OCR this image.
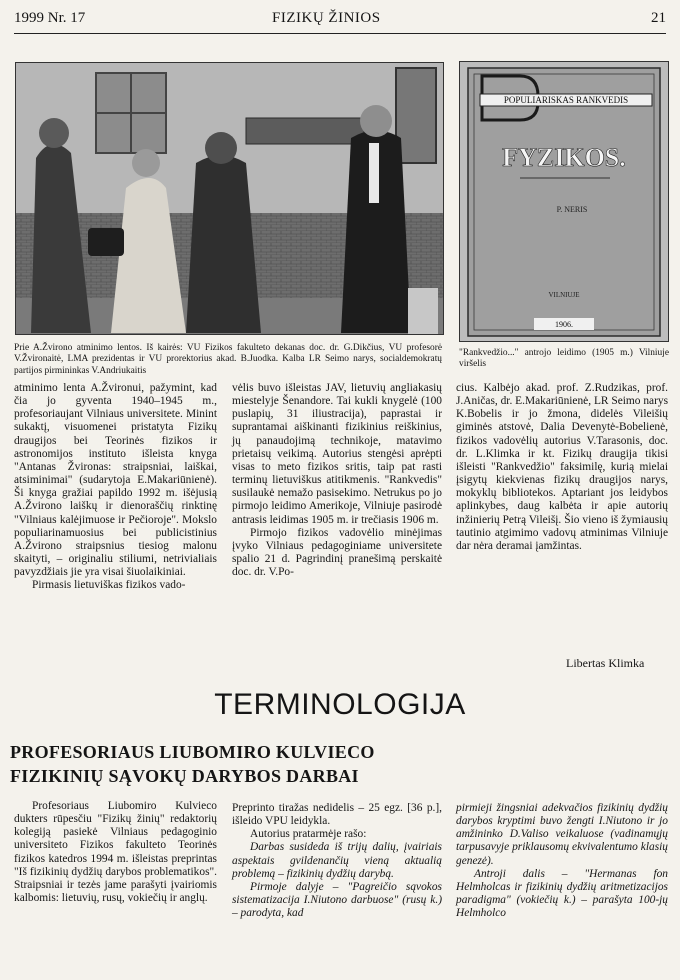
1999 Nr. 17	FIZIKŲ ŽINIOS	21
Prie A.Žvirono atminimo lentos. Iš kairės: VU Fizikos fakulteto dekanas doc. dr. G.Dikčius, VU profesorė V.Žvironaitė, LMA prezidentas ir VU prorektorius akad. B.Juodka. Kalba LR Seimo narys, socialdemokratų partijos pirmininkas V.Andriukaitis
POPULIARISKAS RANKVEDIS
FYZIKOS.
P. NERIS
VILNIUJE
1906.
"Rankvedžio..." antrojo leidimo (1905 m.) Vilniuje viršelis

atminimo lenta A.Žvironui, pažymint, kad čia jo gyventa 1940–1945 m., profesoriaujant Vilniaus universitete. Minint sukaktį, visuomenei pristatyta Fizikų draugijos bei Teorinės fizikos ir astronomijos instituto išleista knyga "Antanas Žvironas: straipsniai, laiškai, atsiminimai" (sudarytoja E.Makariūnienė). Ši knyga gražiai papildo 1992 m. išėjusią A.Žvirono laiškų ir dienoraščių rinktinę "Vilniaus kalėjimuose ir Pečioroje". Mokslo populiarinamuosius bei publicistinius A.Žvirono straipsnius tiesiog malonu skaityti, – originaliu stiliumi, netrivialiais pavyzdžiais jie yra visai šiuolaikiniai.

Pirmasis lietuviškas fizikos vado-

vėlis buvo išleistas JAV, lietuvių angliakasių miestelyje Šenandore. Tai kukli knygelė (100 puslapių, 31 iliustracija), paprastai ir suprantamai aiškinanti fizikinius reiškinius, jų panaudojimą technikoje, matavimo prietaisų veikimą. Autorius stengėsi aprėpti visas to meto fizikos sritis, taip pat rasti terminų lietuviškus atitikmenis. "Rankvedis" susilaukė nemažo pasisekimo. Netrukus po jo pirmojo leidimo Amerikoje, Vilniuje pasirodė antrasis leidimas 1905 m. ir trečiasis 1906 m.

Pirmojo fizikos vadovėlio minėjimas įvyko Vilniaus pedagoginiame universitete spalio 21 d. Pagrindinį pranešimą perskaitė doc. dr. V.Po-

cius. Kalbėjo akad. prof. Z.Rudzikas, prof. J.Aničas, dr. E.Makariūnienė, LR Seimo narys K.Bobelis ir jo žmona, didelės Vileišių giminės atstovė, Dalia Devenytė-Bobelienė, fizikos vadovėlių autorius V.Tarasonis, doc. dr. L.Klimka ir kt. Fizikų draugija tikisi išleisti "Rankvedžio" faksimilę, kurią mielai įsigytų kiekvienas fizikų draugijos narys, mokyklų bibliotekos. Aptariant jos leidybos aplinkybes, daug kalbėta ir apie autorių inžinierių Petrą Vileišį. Šio vieno iš žymiausių tautinio atgimimo vadovų atminimas Vilniuje dar nėra deramai įamžintas.

Libertas Klimka
TERMINOLOGIJA
PROFESORIAUS LIUBOMIRO KULVIECO
FIZIKINIŲ SĄVOKŲ DARYBOS DARBAI

Profesoriaus Liubomiro Kulvieco dukters rūpesčiu "Fizikų žinių" redaktorių kolegiją pasiekė Vilniaus pedagoginio universiteto Fizikos fakulteto Teorinės fizikos katedros 1994 m. išleistas preprintas "Iš fizikinių dydžių darybos problematikos". Straipsniai ir tezės jame parašyti įvairiomis kalbomis: lietuvių, rusų, vokiečių ir anglų.

Preprinto tiražas nedidelis – 25 egz. [36 p.], išleido VPU leidykla.

Autorius pratarmėje rašo:

Darbas susideda iš trijų dalių, įvairiais aspektais gvildenančių vieną aktualią problemą – fizikinių dydžių darybą.

Pirmoje dalyje – "Pagreičio sąvokos sistematizacija I.Niutono darbuose" (rusų k.) – parodyta, kad

pirmieji žingsniai adekvačios fizikinių dydžių darybos kryptimi buvo žengti I.Niutono ir jo amžininko D.Valiso veikaluose (vadinamųjų tarpusavyje priklausomų ekvivalentumo klasių genezė).

Antroji dalis – "Hermanas fon Helmholcas ir fizikinių dydžių aritmetizacijos paradigma" (vokiečių k.) – parašyta 100-jų Helmholco
